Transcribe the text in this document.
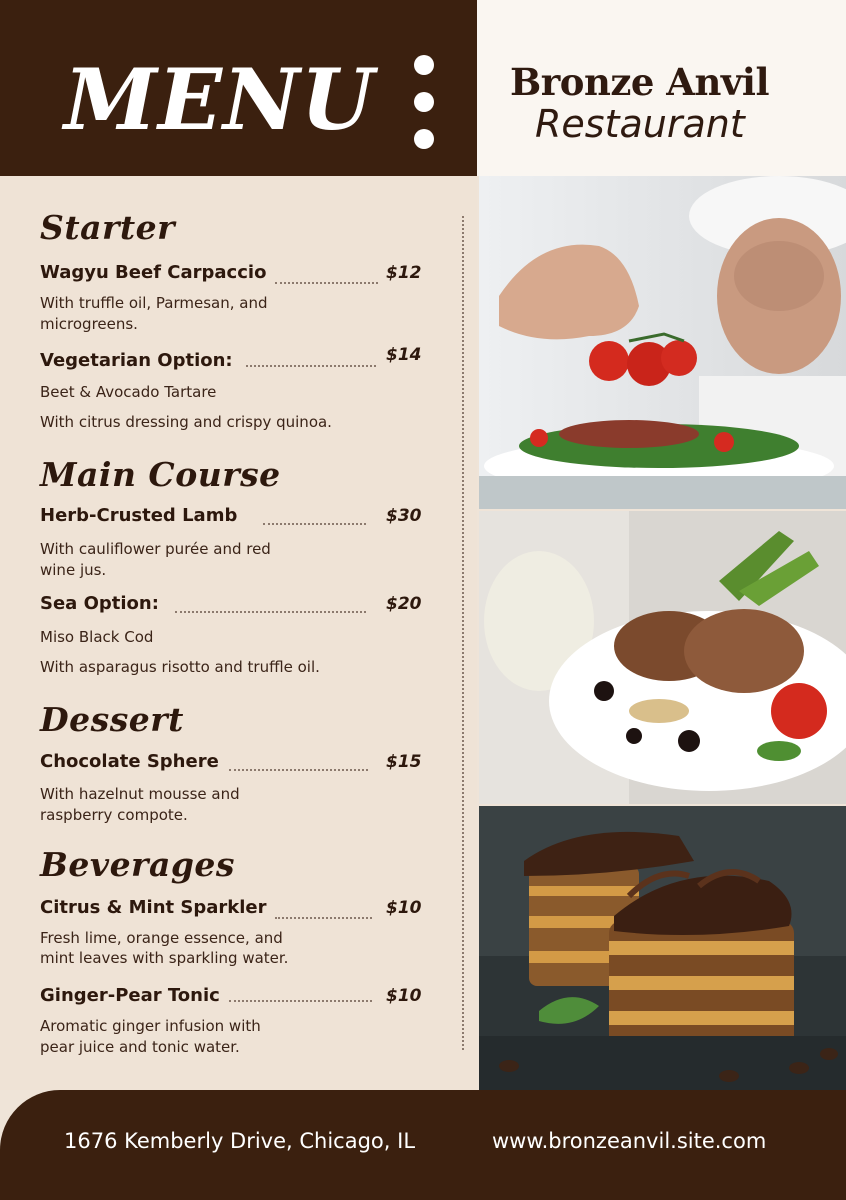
MENU	Bronze Anvil
Restaurant
Starter
Wagyu Beef Carpaccio	$12
With truffle oil, Parmesan, and
microgreens.
Vegetarian Option:	$14
Beet & Avocado Tartare
With citrus dressing and crispy quinoa.
Main Course
Herb-Crusted Lamb	$30
With cauliflower purée and red
wine jus.
Sea Option:	$20
Miso Black Cod
With asparagus risotto and truffle oil.
Dessert
Chocolate Sphere	$15
With hazelnut mousse and
raspberry compote.
Beverages
Citrus & Mint Sparkler	$10
Fresh lime, orange essence, and
mint leaves with sparkling water.
Ginger-Pear Tonic	$10
Aromatic ginger infusion with
pear juice and tonic water.
1676 Kemberly Drive, Chicago, IL	www.bronzeanvil.site.com
